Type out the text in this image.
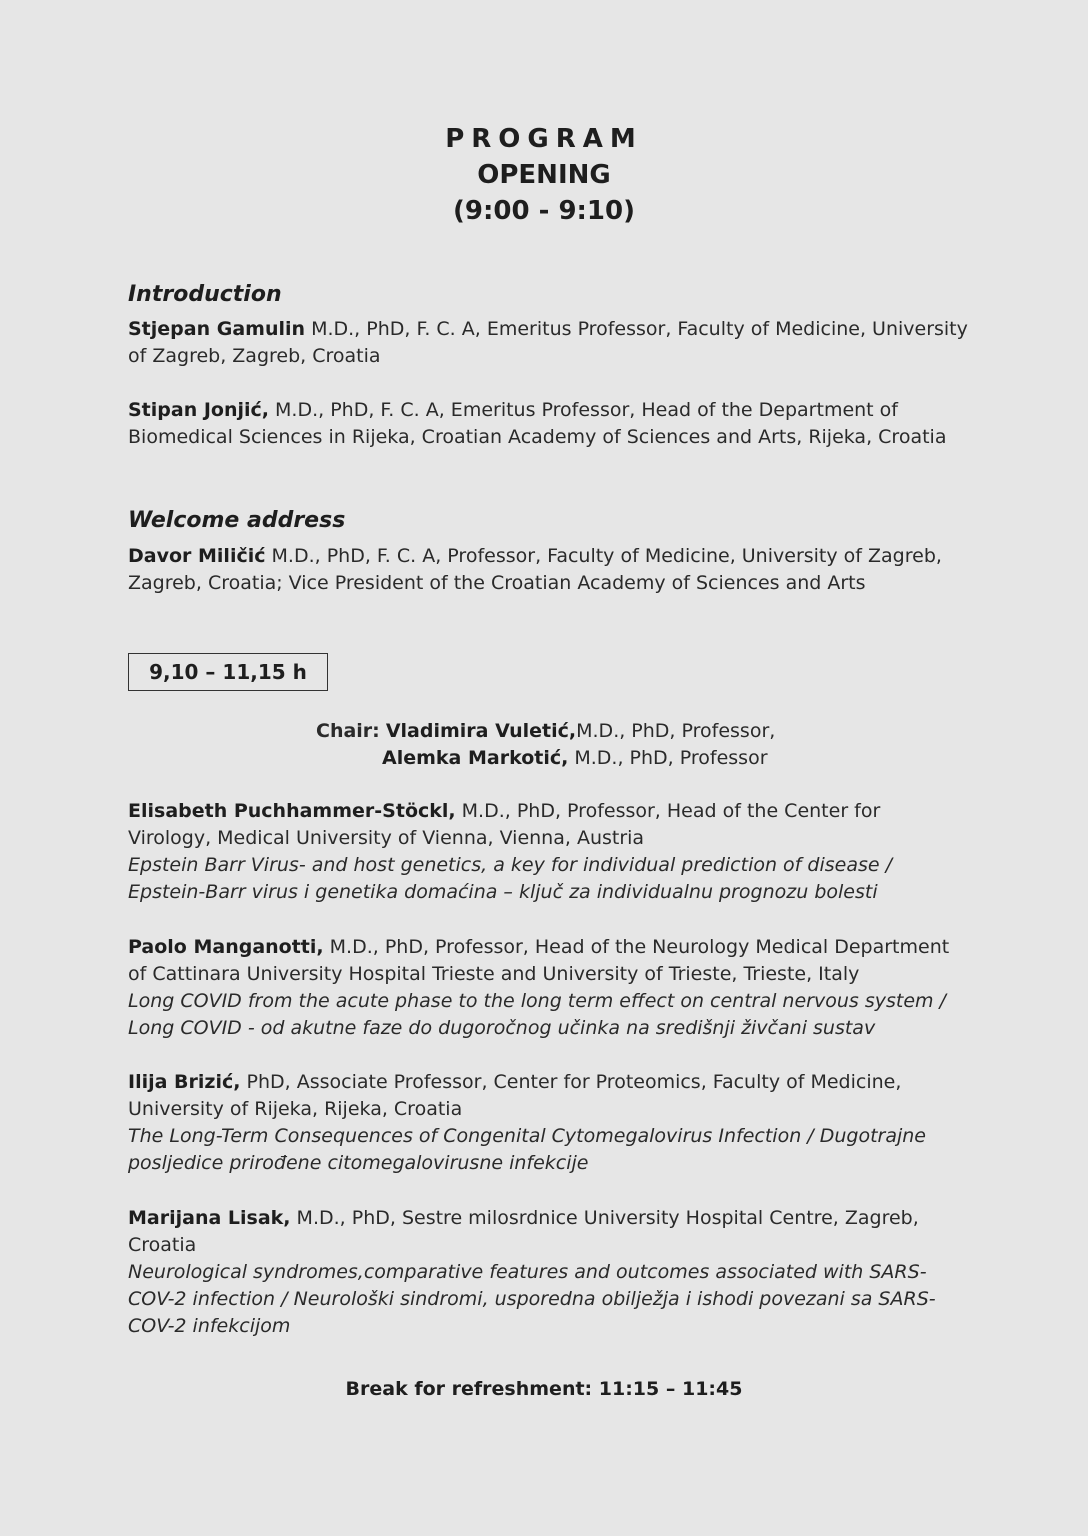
PROGRAM
OPENING
(9:00 - 9:10)
Introduction
Stjepan Gamulin M.D., PhD, F. C. A, Emeritus Professor, Faculty of Medicine, University of Zagreb, Zagreb, Croatia
Stipan Jonjić, M.D., PhD, F. C. A, Emeritus Professor, Head of the Department of Biomedical Sciences in Rijeka, Croatian Academy of Sciences and Arts, Rijeka, Croatia
Welcome address
Davor Miličić M.D., PhD, F. C. A, Professor, Faculty of Medicine, University of Zagreb, Zagreb, Croatia; Vice President of the Croatian Academy of Sciences and Arts
9,10 – 11,15 h
Chair: Vladimira Vuletić,M.D., PhD, Professor,
Alemka Markotić, M.D., PhD, Professor
Elisabeth Puchhammer-Stöckl, M.D., PhD, Professor, Head of the Center for Virology, Medical University of Vienna, Vienna, Austria
Epstein Barr Virus- and host genetics, a key for individual prediction of disease / Epstein-Barr virus i genetika domaćina – ključ za individualnu prognozu bolesti
Paolo Manganotti, M.D., PhD, Professor, Head of the Neurology Medical Department of Cattinara University Hospital Trieste and University of Trieste, Trieste, Italy
Long COVID from the acute phase to the long term effect on central nervous system / Long COVID - od akutne faze do dugoročnog učinka na središnji živčani sustav
Ilija Brizić, PhD, Associate Professor, Center for Proteomics, Faculty of Medicine, University of Rijeka, Rijeka, Croatia
The Long-Term Consequences of Congenital Cytomegalovirus Infection / Dugotrajne posljedice prirođene citomegalovirusne infekcije
Marijana Lisak, M.D., PhD, Sestre milosrdnice University Hospital Centre, Zagreb, Croatia
Neurological syndromes,comparative features and outcomes associated with SARS-COV-2 infection / Neurološki sindromi, usporedna obilježja i ishodi povezani sa SARS-COV-2 infekcijom
Break for refreshment: 11:15 – 11:45
